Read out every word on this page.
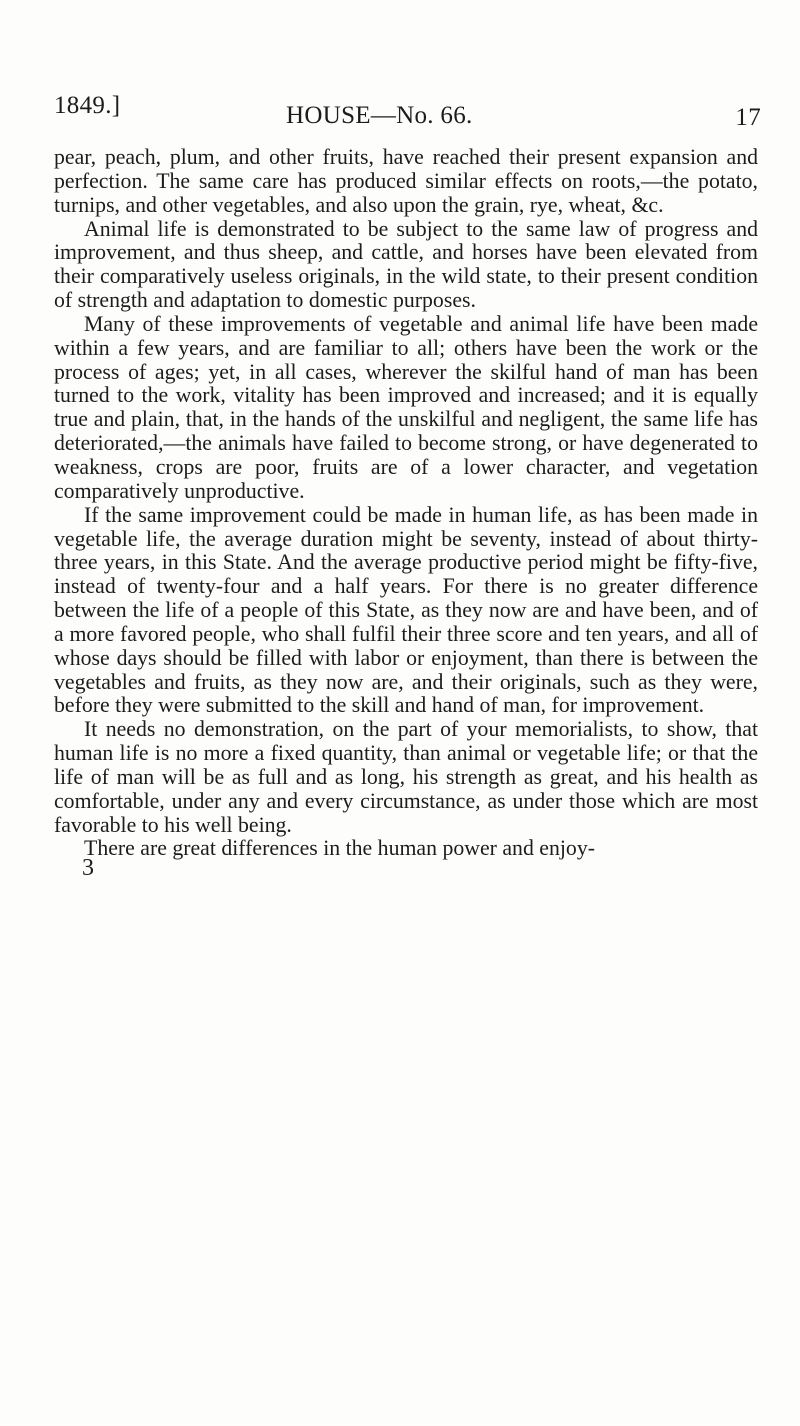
1849.]	HOUSE—No. 66.	17

pear, peach, plum, and other fruits, have reached their present expansion and perfection. The same care has produced similar effects on roots,—the potato, turnips, and other vegetables, and also upon the grain, rye, wheat, &c.

Animal life is demonstrated to be subject to the same law of progress and improvement, and thus sheep, and cattle, and horses have been elevated from their comparatively useless originals, in the wild state, to their present condition of strength and adaptation to domestic purposes.

Many of these improvements of vegetable and animal life have been made within a few years, and are familiar to all; others have been the work or the process of ages; yet, in all cases, wherever the skilful hand of man has been turned to the work, vitality has been improved and increased; and it is equally true and plain, that, in the hands of the unskilful and negligent, the same life has deteriorated,—the animals have failed to become strong, or have degenerated to weakness, crops are poor, fruits are of a lower character, and vegetation comparatively unproductive.

If the same improvement could be made in human life, as has been made in vegetable life, the average duration might be seventy, instead of about thirty-three years, in this State. And the average productive period might be fifty-five, instead of twenty-four and a half years. For there is no greater difference between the life of a people of this State, as they now are and have been, and of a more favored people, who shall fulfil their three score and ten years, and all of whose days should be filled with labor or enjoyment, than there is between the vegetables and fruits, as they now are, and their originals, such as they were, before they were submitted to the skill and hand of man, for improvement.

It needs no demonstration, on the part of your memorialists, to show, that human life is no more a fixed quantity, than animal or vegetable life; or that the life of man will be as full and as long, his strength as great, and his health as comfortable, under any and every circumstance, as under those which are most favorable to his well being.

There are great differences in the human power and enjoy-

3
